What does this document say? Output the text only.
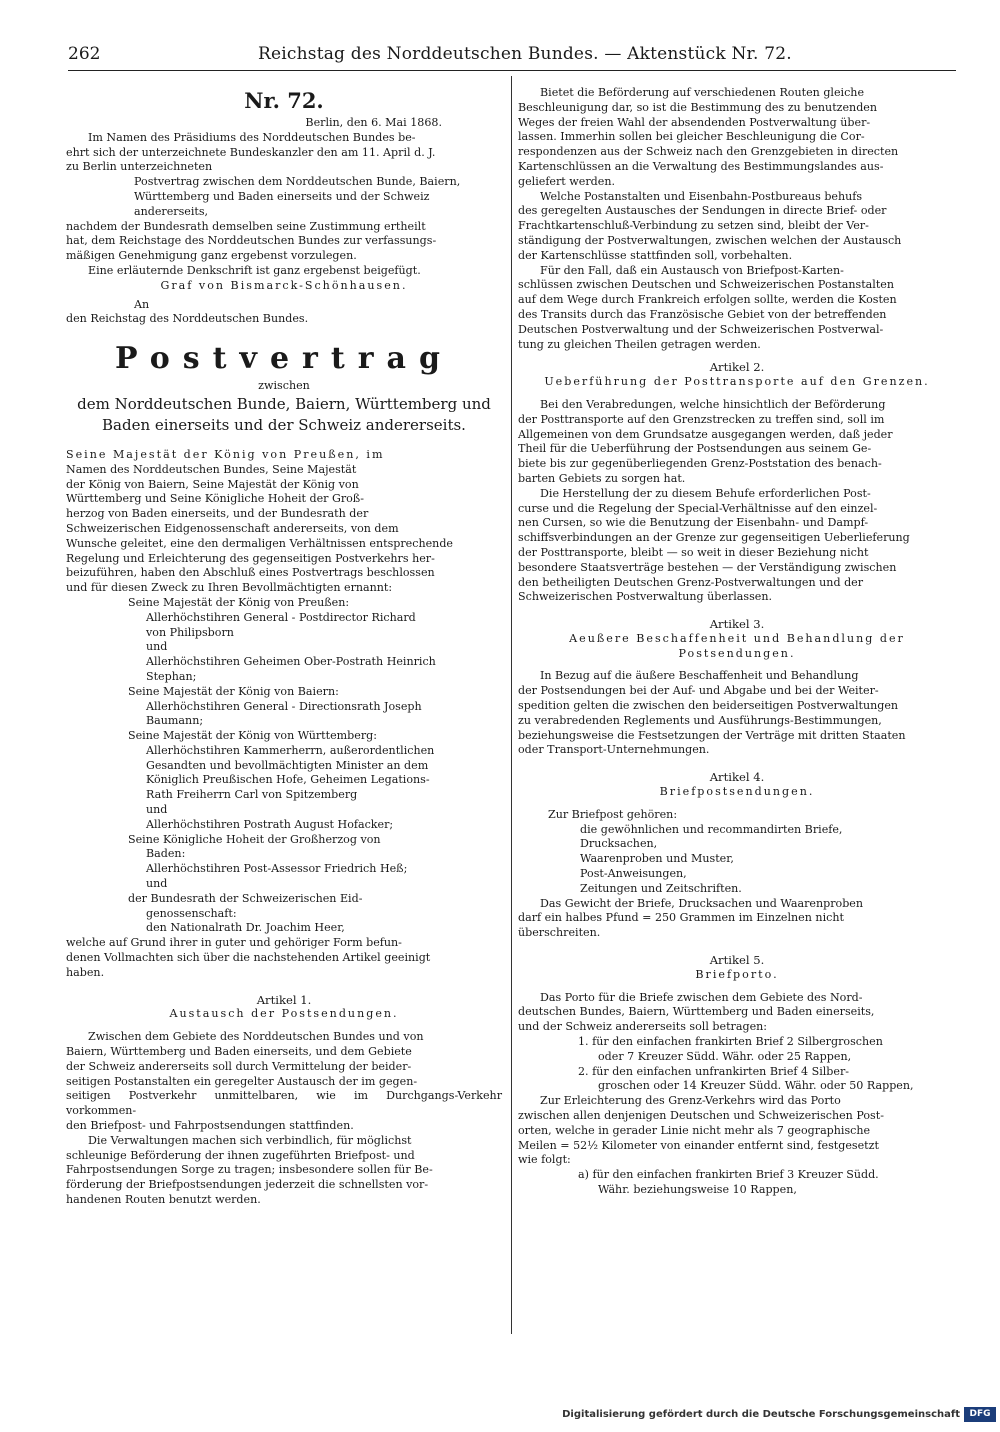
262	Reichstag des Norddeutschen Bundes. — Aktenstück Nr. 72.

Nr. 72.

Berlin, den 6. Mai 1868.

Im Namen des Präsidiums des Norddeutschen Bundes be-

ehrt sich der unterzeichnete Bundeskanzler den am 11. April d. J.

zu Berlin unterzeichneten

Postvertrag zwischen dem Norddeutschen Bunde, Baiern,

Württemberg und Baden einerseits und der Schweiz

andererseits,

nachdem der Bundesrath demselben seine Zustimmung ertheilt

hat, dem Reichstage des Norddeutschen Bundes zur verfassungs-

mäßigen Genehmigung ganz ergebenst vorzulegen.

Eine erläuternde Denkschrift ist ganz ergebenst beigefügt.

Graf von Bismarck-Schönhausen.

An

den Reichstag des Norddeutschen Bundes.

Postvertrag

zwischen

dem Norddeutschen Bunde, Baiern, Württemberg und

Baden einerseits und der Schweiz andererseits.

Seine Majestät der König von Preußen, im

Namen des Norddeutschen Bundes, Seine Majestät

der König von Baiern, Seine Majestät der König von

Württemberg und Seine Königliche Hoheit der Groß-

herzog von Baden einerseits, und der Bundesrath der

Schweizerischen Eidgenossenschaft andererseits, von dem

Wunsche geleitet, eine den dermaligen Verhältnissen entsprechende

Regelung und Erleichterung des gegenseitigen Postverkehrs her-

beizuführen, haben den Abschluß eines Postvertrags beschlossen

und für diesen Zweck zu Ihren Bevollmächtigten ernannt:

Seine Majestät der König von Preußen:

Allerhöchstihren General - Postdirector Richard

von Philipsborn

und

Allerhöchstihren Geheimen Ober-Postrath Heinrich

Stephan;

Seine Majestät der König von Baiern:

Allerhöchstihren General - Directionsrath Joseph

Baumann;

Seine Majestät der König von Württemberg:

Allerhöchstihren Kammerherrn, außerordentlichen

Gesandten und bevollmächtigten Minister an dem

Königlich Preußischen Hofe, Geheimen Legations-

Rath Freiherrn Carl von Spitzemberg

und

Allerhöchstihren Postrath August Hofacker;

Seine Königliche Hoheit der Großherzog von

Baden:

Allerhöchstihren Post-Assessor Friedrich Heß;

und

der Bundesrath der Schweizerischen Eid-

genossenschaft:

den Nationalrath Dr. Joachim Heer,

welche auf Grund ihrer in guter und gehöriger Form befun-

denen Vollmachten sich über die nachstehenden Artikel geeinigt

haben.

Artikel 1.

Austausch der Postsendungen.

Zwischen dem Gebiete des Norddeutschen Bundes und von

Baiern, Württemberg und Baden einerseits, und dem Gebiete

der Schweiz andererseits soll durch Vermittelung der beider-

seitigen Postanstalten ein geregelter Austausch der im gegen-

seitigen Postverkehr unmittelbaren, wie im Durchgangs-Verkehr vorkommen-

den Briefpost- und Fahrpostsendungen stattfinden.

Die Verwaltungen machen sich verbindlich, für möglichst

schleunige Beförderung der ihnen zugeführten Briefpost- und

Fahrpostsendungen Sorge zu tragen; insbesondere sollen für Be-

förderung der Briefpostsendungen jederzeit die schnellsten vor-

handenen Routen benutzt werden.

Bietet die Beförderung auf verschiedenen Routen gleiche

Beschleunigung dar, so ist die Bestimmung des zu benutzenden

Weges der freien Wahl der absendenden Postverwaltung über-

lassen. Immerhin sollen bei gleicher Beschleunigung die Cor-

respondenzen aus der Schweiz nach den Grenzgebieten in directen

Kartenschlüssen an die Verwaltung des Bestimmungslandes aus-

geliefert werden.

Welche Postanstalten und Eisenbahn-Postbureaus behufs

des geregelten Austausches der Sendungen in directe Brief- oder

Frachtkartenschluß-Verbindung zu setzen sind, bleibt der Ver-

ständigung der Postverwaltungen, zwischen welchen der Austausch

der Kartenschlüsse stattfinden soll, vorbehalten.

Für den Fall, daß ein Austausch von Briefpost-Karten-

schlüssen zwischen Deutschen und Schweizerischen Postanstalten

auf dem Wege durch Frankreich erfolgen sollte, werden die Kosten

des Transits durch das Französische Gebiet von der betreffenden

Deutschen Postverwaltung und der Schweizerischen Postverwal-

tung zu gleichen Theilen getragen werden.

Artikel 2.

Ueberführung der Posttransporte auf den Grenzen.

Bei den Verabredungen, welche hinsichtlich der Beförderung

der Posttransporte auf den Grenzstrecken zu treffen sind, soll im

Allgemeinen von dem Grundsatze ausgegangen werden, daß jeder

Theil für die Ueberführung der Postsendungen aus seinem Ge-

biete bis zur gegenüberliegenden Grenz-Poststation des benach-

barten Gebiets zu sorgen hat.

Die Herstellung der zu diesem Behufe erforderlichen Post-

curse und die Regelung der Special-Verhältnisse auf den einzel-

nen Cursen, so wie die Benutzung der Eisenbahn- und Dampf-

schiffsverbindungen an der Grenze zur gegenseitigen Ueberlieferung

der Posttransporte, bleibt — so weit in dieser Beziehung nicht

besondere Staatsverträge bestehen — der Verständigung zwischen

den betheiligten Deutschen Grenz-Postverwaltungen und der

Schweizerischen Postverwaltung überlassen.

Artikel 3.

Aeußere Beschaffenheit und Behandlung der

Postsendungen.

In Bezug auf die äußere Beschaffenheit und Behandlung

der Postsendungen bei der Auf- und Abgabe und bei der Weiter-

spedition gelten die zwischen den beiderseitigen Postverwaltungen

zu verabredenden Reglements und Ausführungs-Bestimmungen,

beziehungsweise die Festsetzungen der Verträge mit dritten Staaten

oder Transport-Unternehmungen.

Artikel 4.

Briefpostsendungen.

Zur Briefpost gehören:

die gewöhnlichen und recommandirten Briefe,

Drucksachen,

Waarenproben und Muster,

Post-Anweisungen,

Zeitungen und Zeitschriften.

Das Gewicht der Briefe, Drucksachen und Waarenproben

darf ein halbes Pfund = 250 Grammen im Einzelnen nicht

überschreiten.

Artikel 5.

Briefporto.

Das Porto für die Briefe zwischen dem Gebiete des Nord-

deutschen Bundes, Baiern, Württemberg und Baden einerseits,

und der Schweiz andererseits soll betragen:

1. für den einfachen frankirten Brief 2 Silbergroschen

oder 7 Kreuzer Südd. Währ. oder 25 Rappen,

2. für den einfachen unfrankirten Brief 4 Silber-

groschen oder 14 Kreuzer Südd. Währ. oder 50 Rappen,

Zur Erleichterung des Grenz-Verkehrs wird das Porto

zwischen allen denjenigen Deutschen und Schweizerischen Post-

orten, welche in gerader Linie nicht mehr als 7 geographische

Meilen = 52½ Kilometer von einander entfernt sind, festgesetzt

wie folgt:

a) für den einfachen frankirten Brief 3 Kreuzer Südd.

Währ. beziehungsweise 10 Rappen,

Digitalisierung gefördert durch die Deutsche Forschungsgemeinschaft	DFG
